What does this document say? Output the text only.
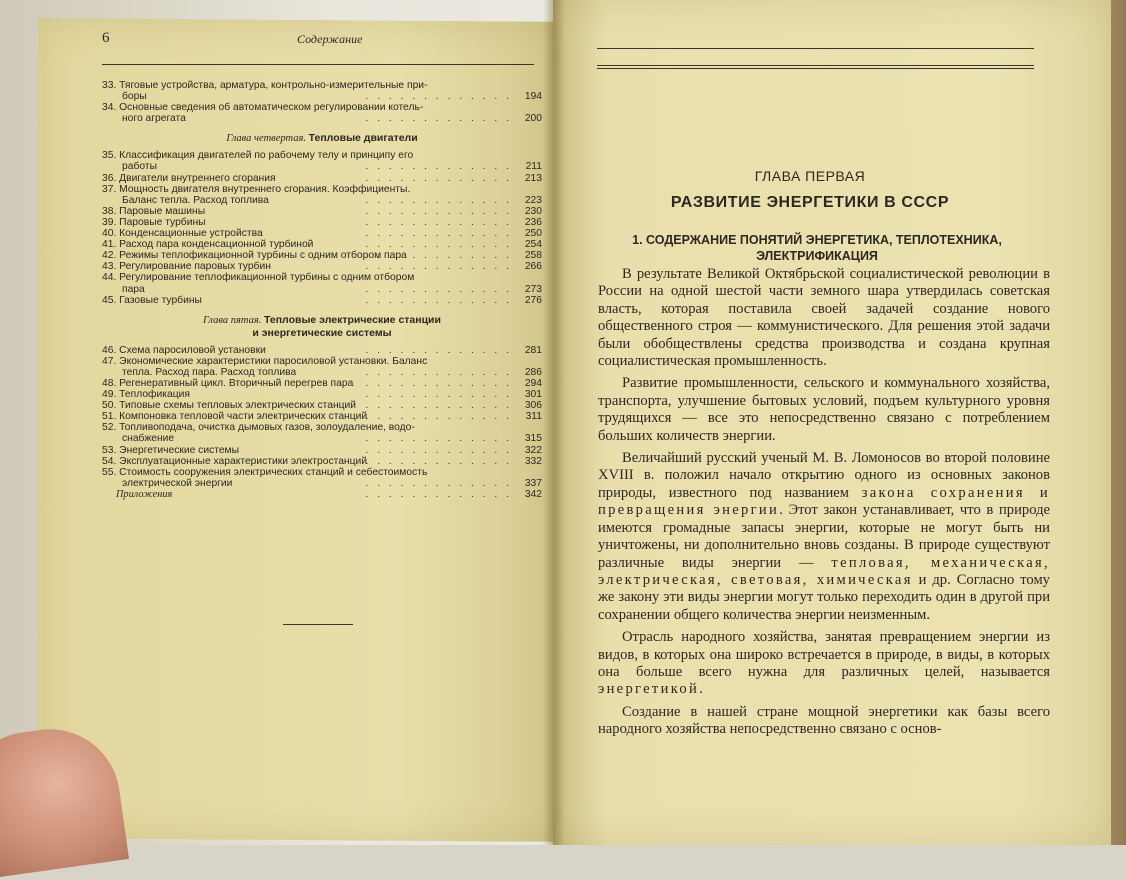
6	Содержание
33. Тяговые устройства, арматура, контрольно-измерительные при-
боры	. . . . . . . . . . . . . 194
34. Основные сведения об автоматическом регулировании котель-
ного агрегата	. . . . . . . . . . . . . 200
Глава четвертая. Тепловые двигатели
35. Классификация двигателей по рабочему телу и принципу его
работы	. . . . . . . . . . . . . 211
36. Двигатели внутреннего сгорания	. . . . . . . . . . . . . 213
37. Мощность двигателя внутреннего сгорания. Коэффициенты.
Баланс тепла. Расход топлива	. . . . . . . . . . . . . 223
38. Паровые машины	. . . . . . . . . . . . . 230
39. Паровые турбины	. . . . . . . . . . . . . 236
40. Конденсационные устройства	. . . . . . . . . . . . . 250
41. Расход пара конденсационной турбиной	. . . . . . . . . . . . . 254
42. Режимы теплофикационной турбины с одним отбором пара
. . . . . . . . . . . . . 258
43. Регулирование паровых турбин	. . . . . . . . . . . . . 266
44. Регулирование теплофикационной турбины с одним отбором
пара	. . . . . . . . . . . . . 273
45. Газовые турбины	. . . . . . . . . . . . . 276
Глава пятая. Тепловые электрические станции
и энергетические системы
46. Схема паросиловой установки	. . . . . . . . . . . . . 281
47. Экономические характеристики паросиловой установки. Баланс
тепла. Расход пара. Расход топлива	. . . . . . . . . . . . . 286
48. Регенеративный цикл. Вторичный перегрев пара . . . . . . . . . . . . . 294
49. Теплофикация	. . . . . . . . . . . . . 301
50. Типовые схемы тепловых электрических станций . . . . . . . . . . . . . 306
51. Компоновка тепловой части электрических станций
. . . . . . . . . . . . . 311
52. Топливоподача, очистка дымовых газов, золоудаление, водо-
снабжение	. . . . . . . . . . . . . 315
53. Энергетические системы	. . . . . . . . . . . . . 322
54. Эксплуатационные характеристики электростанций
. . . . . . . . . . . . . 332
55. Стоимость сооружения электрических станций и себестоимость
электрической энергии	. . . . . . . . . . . . . 337
Приложения	. . . . . . . . . . . . . 342
ГЛАВА ПЕРВАЯ
РАЗВИТИЕ ЭНЕРГЕТИКИ В СССР
1. СОДЕРЖАНИЕ ПОНЯТИЙ ЭНЕРГЕТИКА, ТЕПЛОТЕХНИКА, ЭЛЕКТРИФИКАЦИЯ

В результате Великой Октябрьской социалистической революции в России на одной шестой части земного шара утвердилась советская власть, которая поставила своей задачей создание нового общественного строя — коммунистического. Для решения этой задачи были обобществлены средства производства и создана крупная социалистическая промышленность.

Развитие промышленности, сельского и коммунального хозяйства, транспорта, улучшение бытовых условий, подъем культурного уровня трудящихся — все это непосредственно связано с потреблением больших количеств энергии.

Величайший русский ученый М. В. Ломоносов во второй половине XVIII в. положил начало открытию одного из основных законов природы, известного под названием закона сохранения и превращения энергии. Этот закон устанавливает, что в природе имеются громадные запасы энергии, которые не могут быть ни уничтожены, ни дополнительно вновь созданы. В природе существуют различные виды энергии — тепловая, механическая, электрическая, световая, химическая и др. Согласно тому же закону эти виды энергии могут только переходить один в другой при сохранении общего количества энергии неизменным.

Отрасль народного хозяйства, занятая превращением энергии из видов, в которых она широко встречается в природе, в виды, в которых она больше всего нужна для различных целей, называется энергетикой.

Создание в нашей стране мощной энергетики как базы всего народного хозяйства непосредственно связано с основ-
